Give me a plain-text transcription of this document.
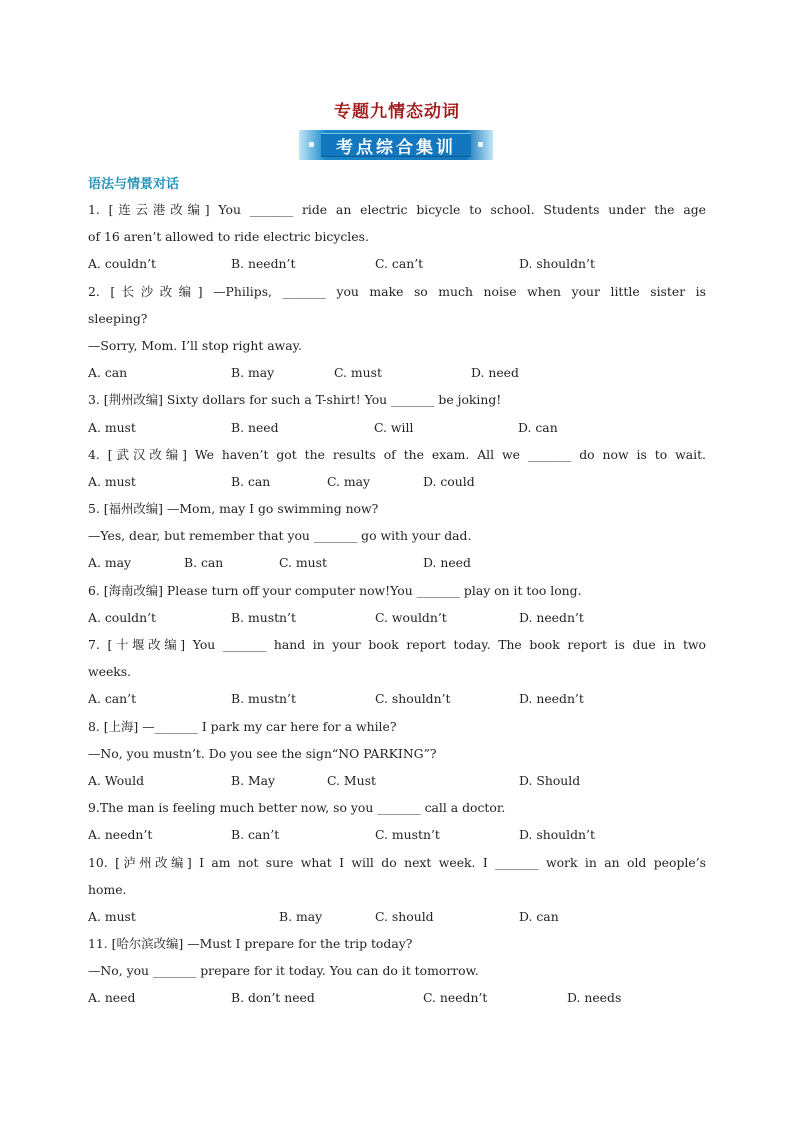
专题九情态动词
考点综合集训
语法与情景对话
1. [连云港改编] You _______ ride an electric bicycle to school. Students under the age
of 16 aren’t allowed to ride electric bicycles.
A. couldn’t	B. needn’t	C. can’t	D. shouldn’t
2. [长沙改编] —Philips, _______ you make so much noise when your little sister is
sleeping?
—Sorry, Mom. I’ll stop right away.
A. can	B. may	C. must	D. need
3. [荆州改编] Sixty dollars for such a T-shirt! You _______ be joking!
A. must	B. need	C. will	D. can
4. [武汉改编] We haven’t got the results of the exam. All we _______ do now is to wait.
A. must	B. can	C. may	D. could
5. [福州改编] —Mom, may I go swimming now?
—Yes, dear, but remember that you _______ go with your dad.
A. may	B. can	C. must	D. need
6. [海南改编] Please turn off your computer now!You _______ play on it too long.
A. couldn’t	B. mustn’t	C. wouldn’t	D. needn’t
7. [十堰改编] You _______ hand in your book report today. The book report is due in two
weeks.
A. can’t	B. mustn’t	C. shouldn’t	D. needn’t
8. [上海] —_______ I park my car here for a while?
—No, you mustn’t. Do you see the sign“NO PARKING”?
A. Would	B. May	C. Must	D. Should
9.The man is feeling much better now, so you _______ call a doctor.
A. needn’t	B. can’t	C. mustn’t	D. shouldn’t
10. [泸州改编] I am not sure what I will do next week. I _______ work in an old people’s
home.
A. must	B. may	C. should	D. can
11. [哈尔滨改编] —Must I prepare for the trip today?
—No, you _______ prepare for it today. You can do it tomorrow.
A. need	B. don’t need	C. needn’t	D. needs
